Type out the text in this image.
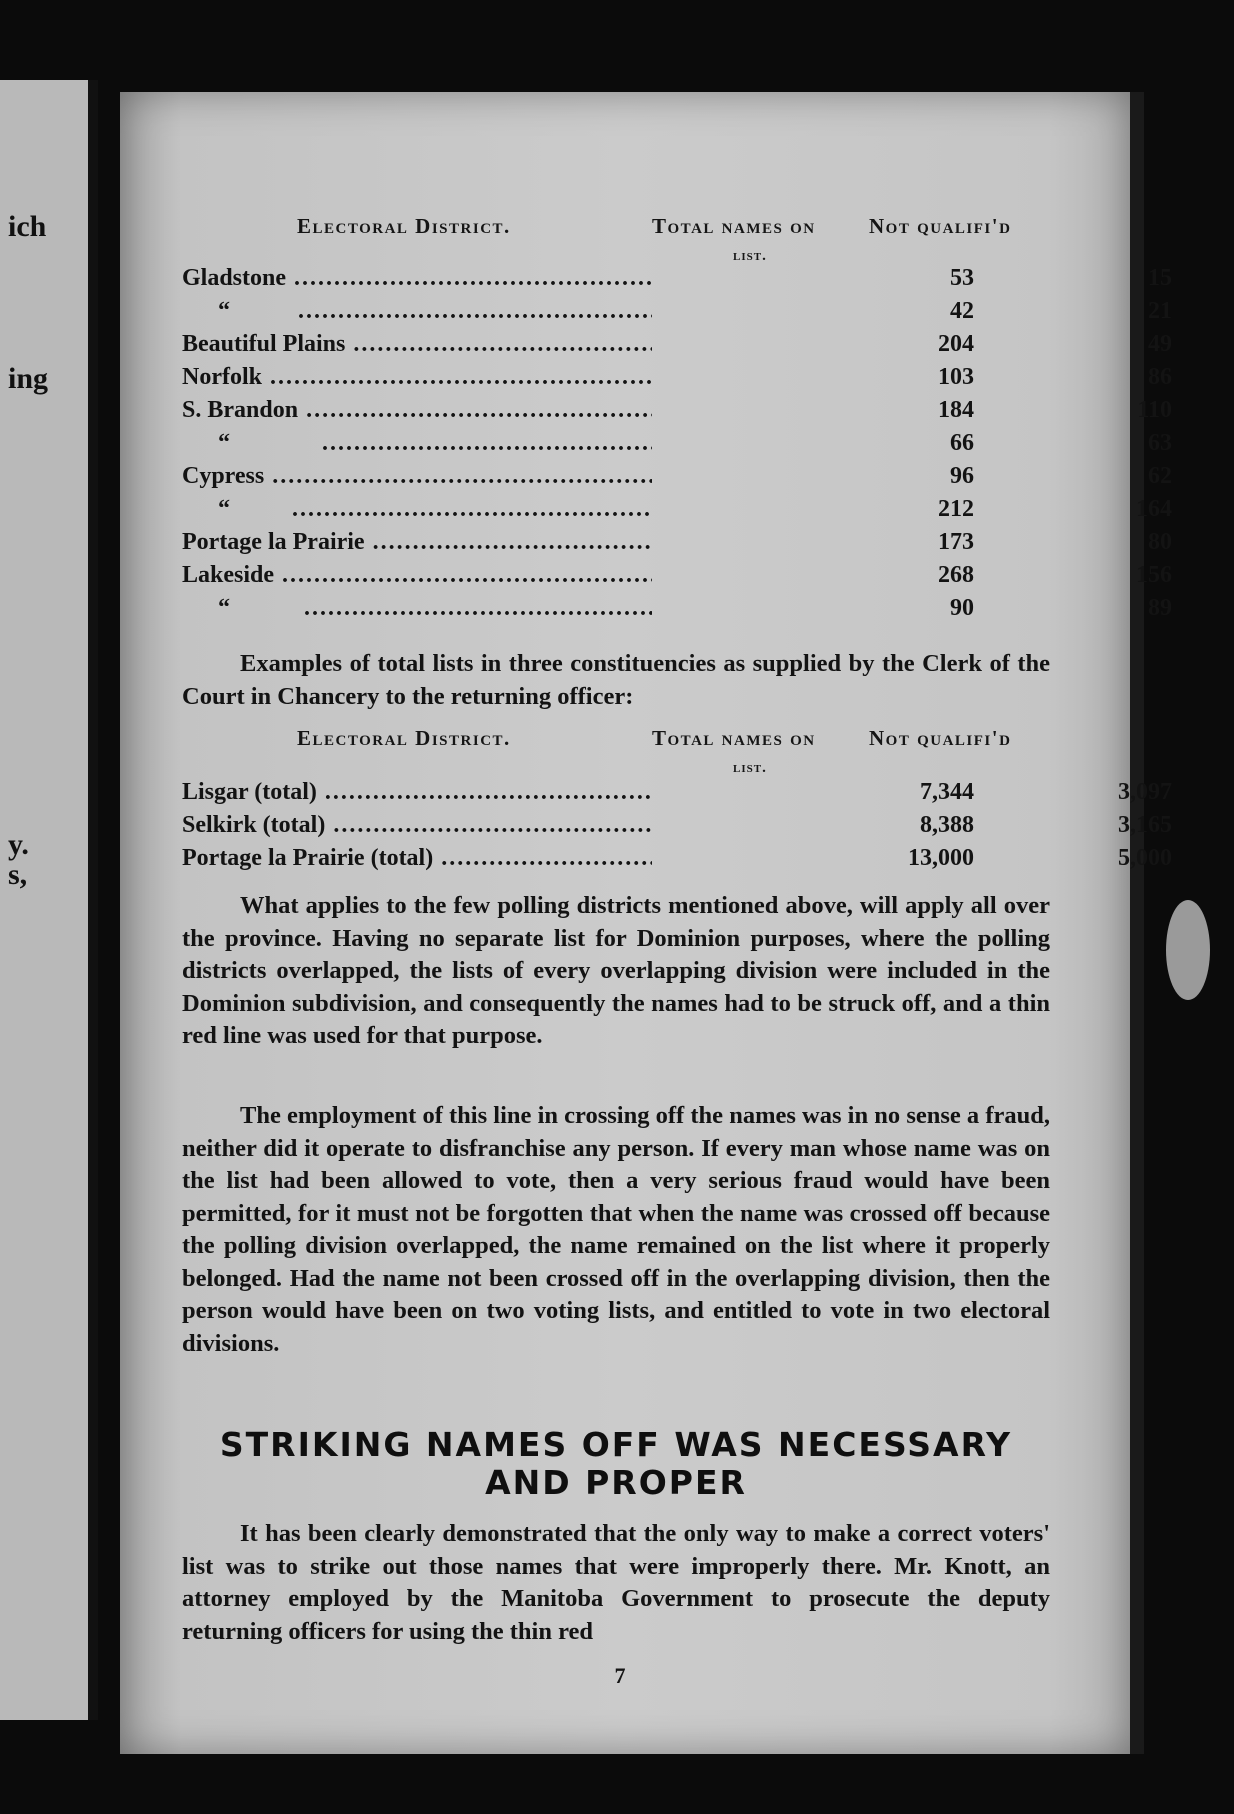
ich
ing
y.
s,
Electoral District.	Total names on
list.
Not qualifi'd
Gladstone .....	53	15
“           .....	42	21
Beautiful Plains .....	204	49
Norfolk .....	103	86
S. Brandon .....	184	110
“               .....	66	63
Cypress .....	96	62
“          .....	212	164
Portage la Prairie .....	173	80
Lakeside .....	268	156
“            .....	90	89
Examples of total lists in three constituencies as supplied by the Clerk of the Court in Chancery to the returning officer:
Electoral District.	Total names on
list.
Not qualifi'd
Lisgar (total) .....	7,344	3,097
Selkirk (total) .....	8,388	3,165
Portage la Prairie (total) .....	13,000	5,000
What applies to the few polling districts mentioned above, will apply all over the province. Having no separate list for Dominion purposes, where the polling districts overlapped, the lists of every overlapping division were included in the Dominion subdivision, and consequently the names had to be struck off, and a thin red line was used for that purpose.
The employment of this line in crossing off the names was in no sense a fraud, neither did it operate to disfranchise any person. If every man whose name was on the list had been allowed to vote, then a very serious fraud would have been permitted, for it must not be forgotten that when the name was crossed off because the polling division overlapped, the name remained on the list where it properly belonged. Had the name not been crossed off in the overlapping division, then the person would have been on two voting lists, and entitled to vote in two electoral divisions.
STRIKING NAMES OFF WAS NECESSARY
AND PROPER
It has been clearly demonstrated that the only way to make a correct voters' list was to strike out those names that were improperly there. Mr. Knott, an attorney employed by the Manitoba Government to prosecute the deputy returning officers for using the thin red
7
